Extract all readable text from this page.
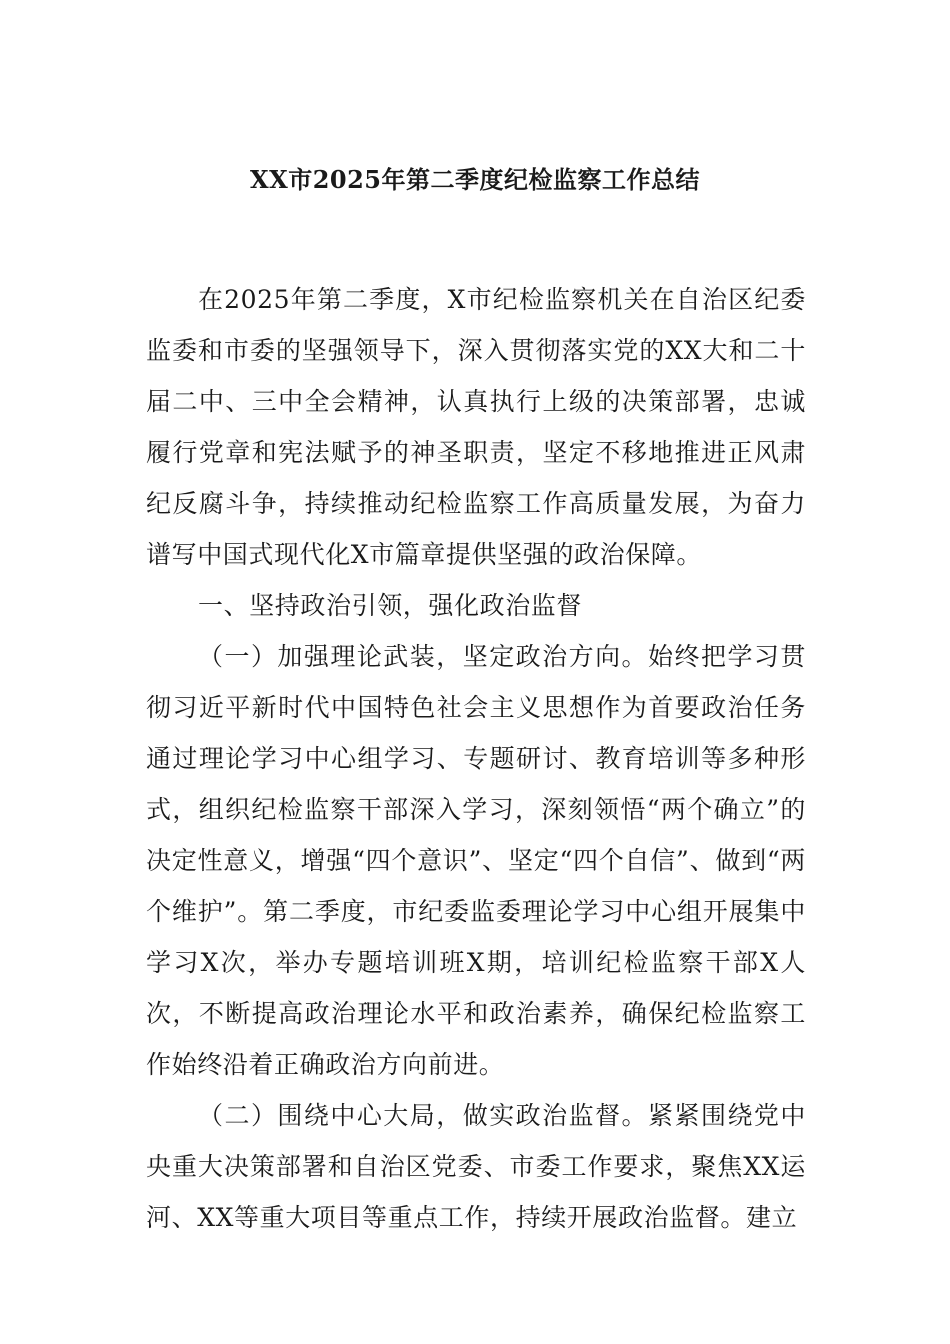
XX市2025年第二季度纪检监察工作总结

在2025年第二季度，X市纪检监察机关在自治区纪委监委和市委的坚强领导下，深入贯彻落实党的XX大和二十届二中、三中全会精神，认真执行上级的决策部署，忠诚履行党章和宪法赋予的神圣职责，坚定不移地推进正风肃纪反腐斗争，持续推动纪检监察工作高质量发展，为奋力谱写中国式现代化X市篇章提供坚强的政治保障。

一、坚持政治引领，强化政治监督

（一）加强理论武装，坚定政治方向。始终把学习贯彻习近平新时代中国特色社会主义思想作为首要政治任务通过理论学习中心组学习、专题研讨、教育培训等多种形式，组织纪检监察干部深入学习，深刻领悟“两个确立”的决定性意义，增强“四个意识”、坚定“四个自信”、做到“两个维护”。第二季度，市纪委监委理论学习中心组开展集中学习X次，举办专题培训班X期，培训纪检监察干部X人次，不断提高政治理论水平和政治素养，确保纪检监察工作始终沿着正确政治方向前进。

（二）围绕中心大局，做实政治监督。紧紧围绕党中央重大决策部署和自治区党委、市委工作要求，聚焦XX运河、XX等重大项目等重点工作，持续开展政治监督。建立
